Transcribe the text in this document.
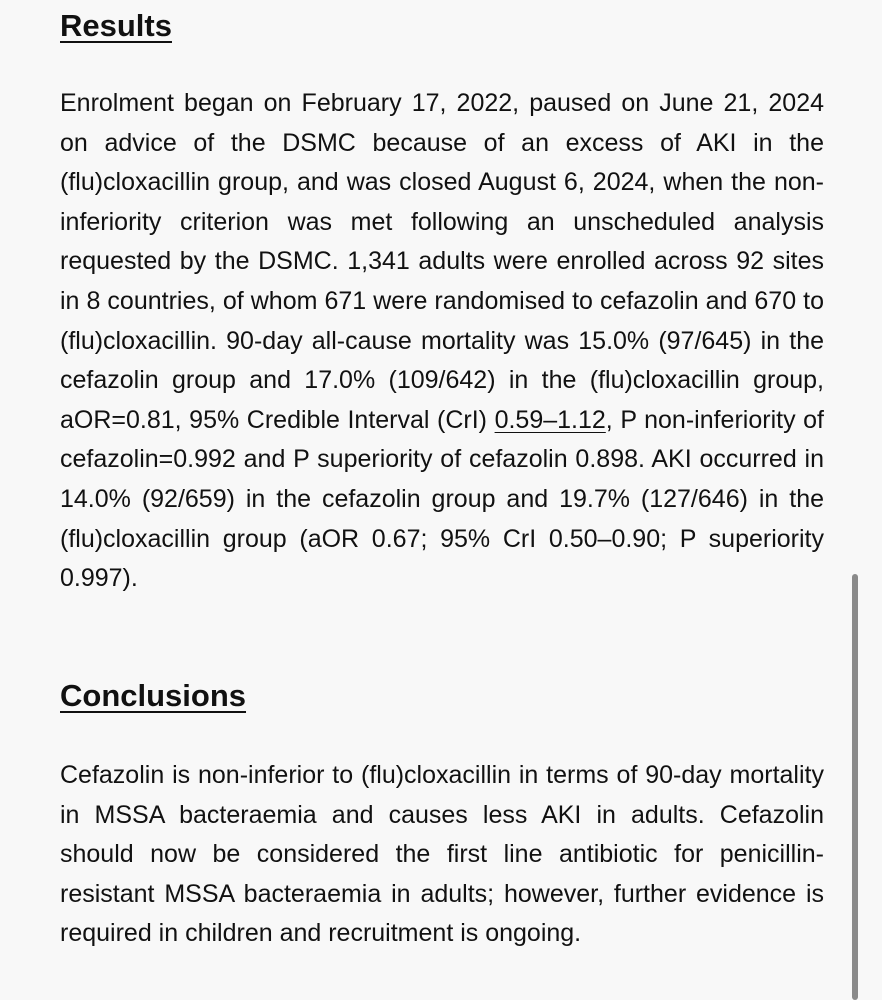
Results

Enrolment began on February 17, 2022, paused on June 21, 2024 on advice of the DSMC because of an excess of AKI in the (flu)cloxacillin group, and was closed August 6, 2024, when the non-inferiority criterion was met following an unscheduled analysis requested by the DSMC. 1,341 adults were enrolled across 92 sites in 8 countries, of whom 671 were randomised to cefazolin and 670 to (flu)cloxacillin. 90-day all-cause mortality was 15.0% (97/645) in the cefazolin group and 17.0% (109/642) in the (flu)cloxacillin group, aOR=0.81, 95% Credible Interval (CrI) 0.59–1.12, P non-inferiority of cefazolin=0.992 and P superiority of cefazolin 0.898. AKI occurred in 14.0% (92/659) in the cefazolin group and 19.7% (127/646) in the (flu)cloxacillin group (aOR 0.67; 95% CrI 0.50–0.90; P superiority 0.997).

Conclusions

Cefazolin is non-inferior to (flu)cloxacillin in terms of 90-day mortality in MSSA bacteraemia and causes less AKI in adults. Cefazolin should now be considered the first line antibiotic for penicillin-resistant MSSA bacteraemia in adults; however, further evidence is required in children and recruitment is ongoing.
